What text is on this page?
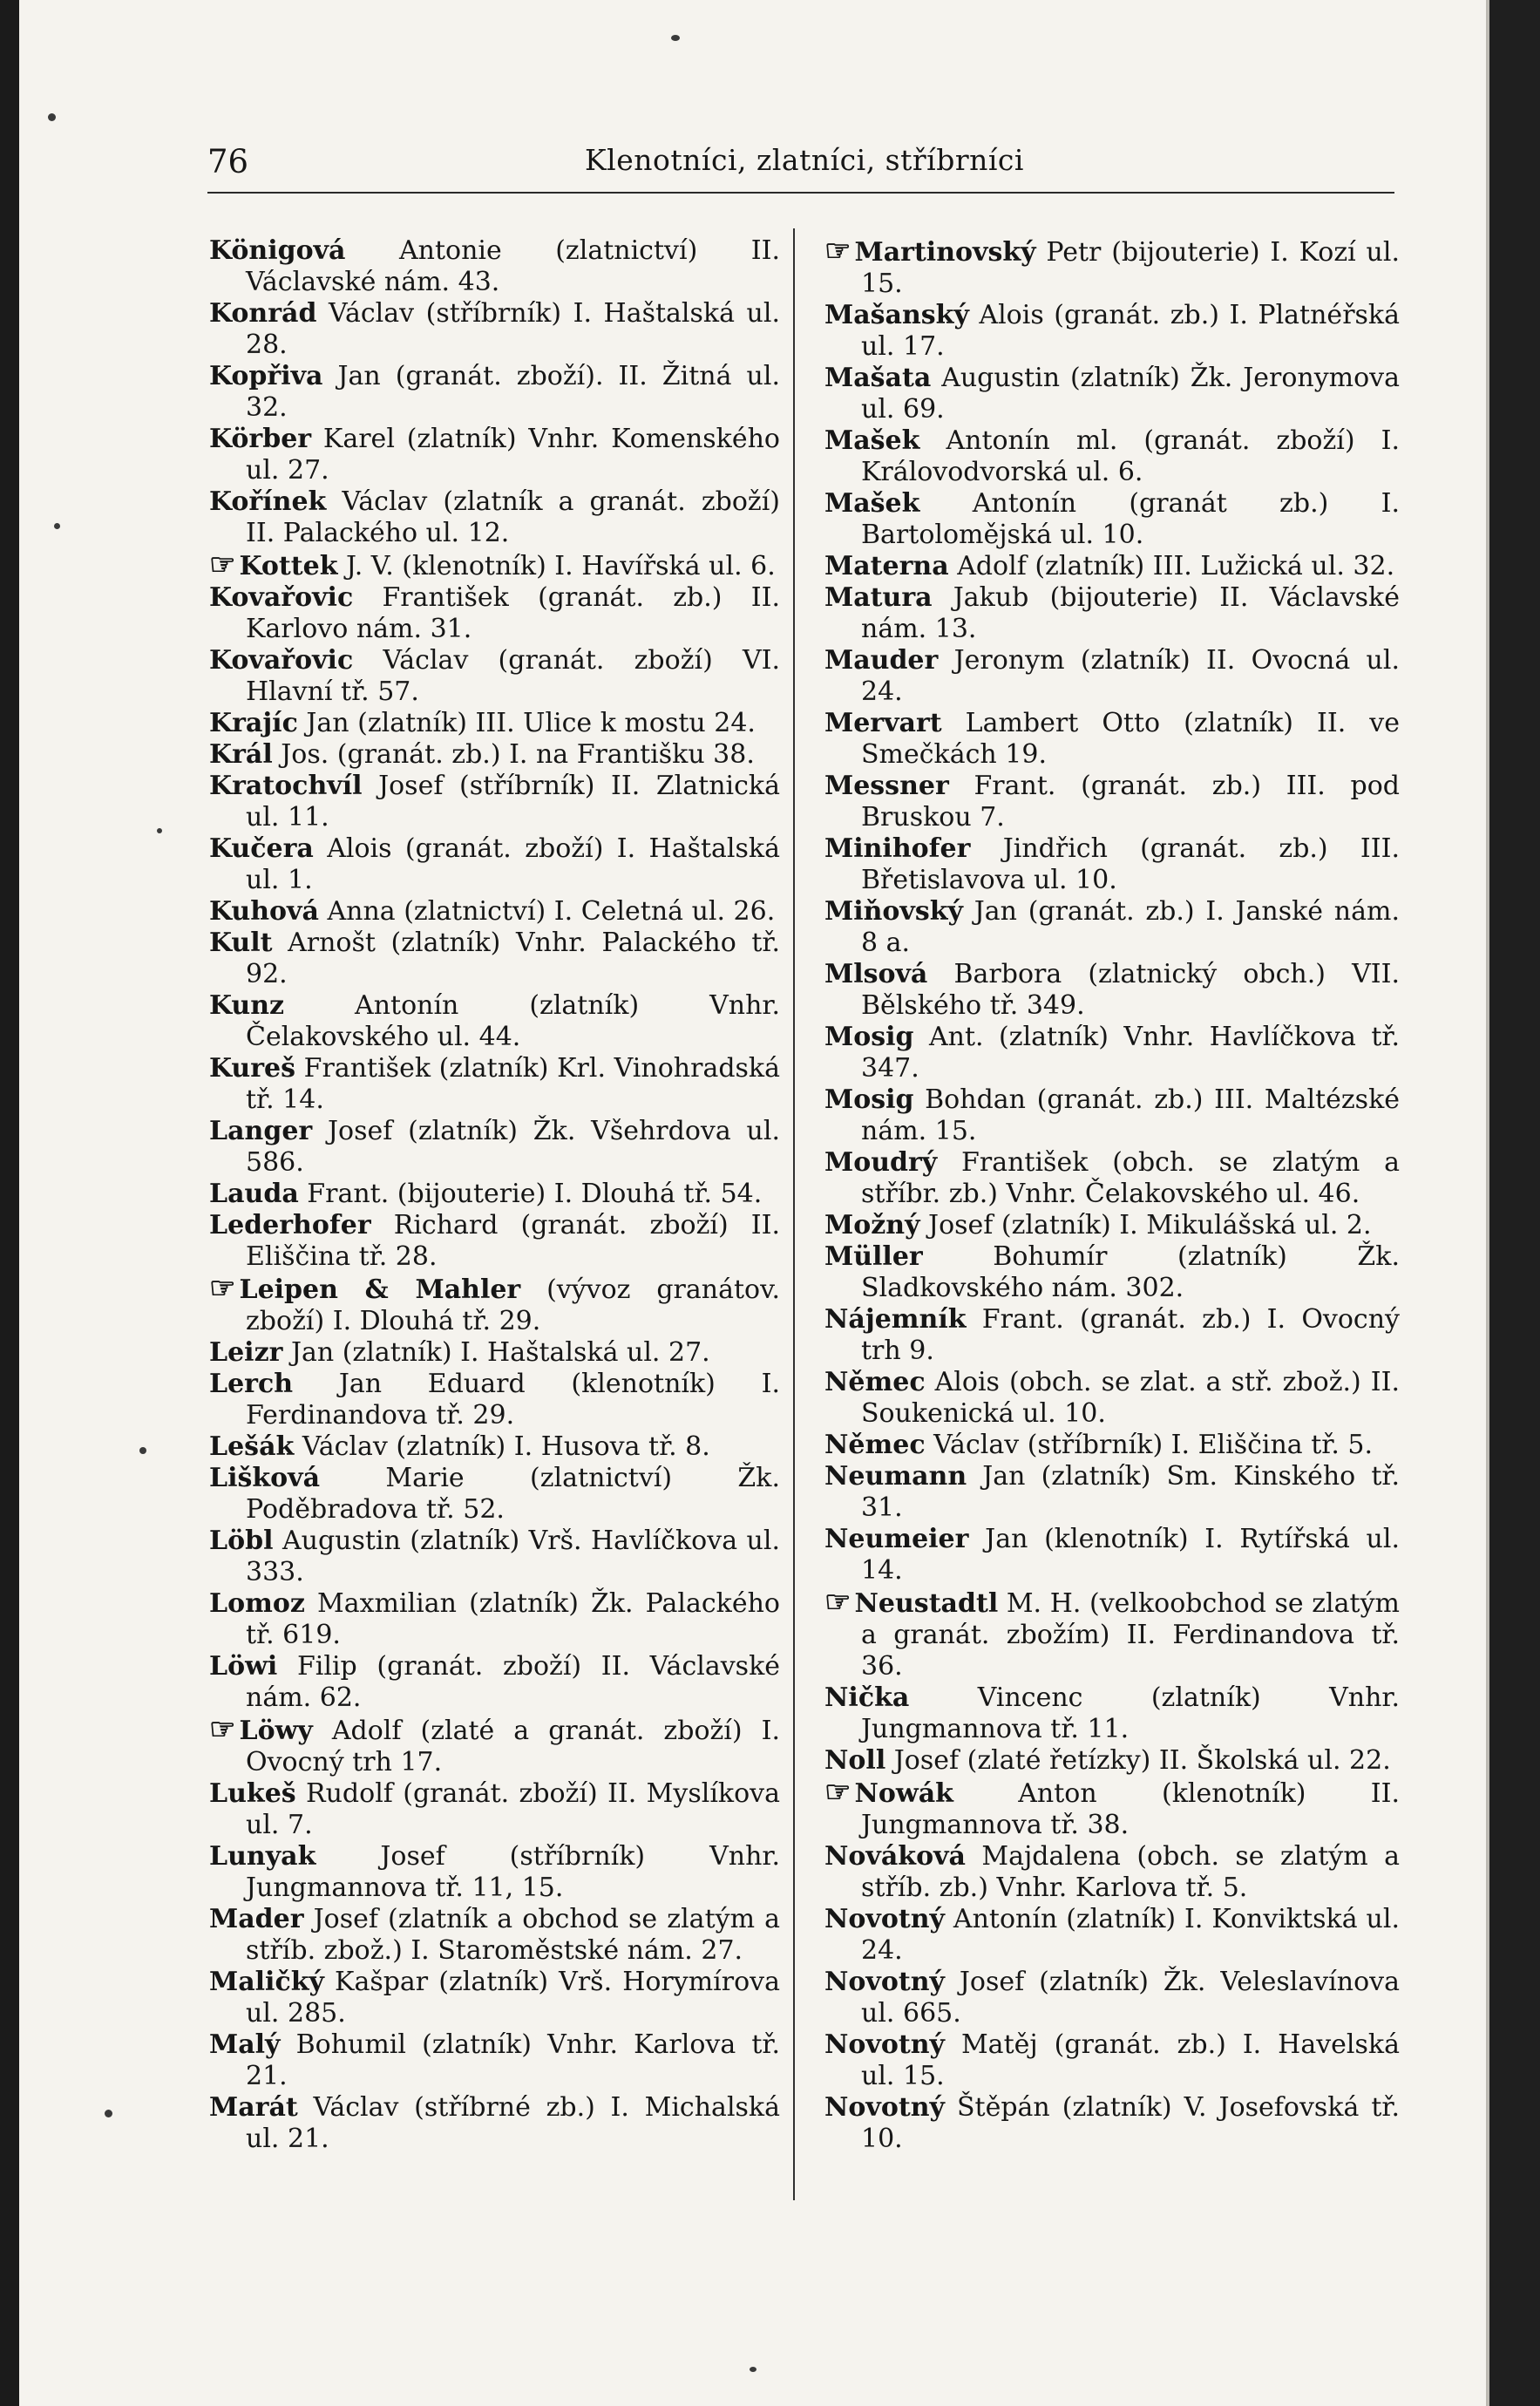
76	Klenotníci, zlatníci, stříbrníci
Königová Antonie (zlatnictví) II. Václavské nám. 43.
Konrád Václav (stříbrník) I. Haštalská ul. 28.
Kopřiva Jan (granát. zboží). II. Žitná ul. 32.
Körber Karel (zlatník) Vnhr. Komenského ul. 27.
Kořínek Václav (zlatník a granát. zboží) II. Palackého ul. 12.
☞ Kottek J. V. (klenotník) I. Havířská ul. 6.
Kovařovic František (granát. zb.) II. Karlovo nám. 31.
Kovařovic Václav (granát. zboží) VI. Hlavní tř. 57.
Krajíc Jan (zlatník) III. Ulice k mostu 24.
Král Jos. (granát. zb.) I. na Františku 38.
Kratochvíl Josef (stříbrník) II. Zlatnická ul. 11.
Kučera Alois (granát. zboží) I. Haštalská ul. 1.
Kuhová Anna (zlatnictví) I. Celetná ul. 26.
Kult Arnošt (zlatník) Vnhr. Palackého tř. 92.
Kunz Antonín (zlatník) Vnhr. Čelakovského ul. 44.
Kureš František (zlatník) Krl. Vinohradská tř. 14.
Langer Josef (zlatník) Žk. Všehrdova ul. 586.
Lauda Frant. (bijouterie) I. Dlouhá tř. 54.
Lederhofer Richard (granát. zboží) II. Eliščina tř. 28.
☞ Leipen & Mahler (vývoz granátov. zboží) I. Dlouhá tř. 29.
Leizr Jan (zlatník) I. Haštalská ul. 27.
Lerch Jan Eduard (klenotník) I. Ferdinandova tř. 29.
Lešák Václav (zlatník) I. Husova tř. 8.
Lišková Marie (zlatnictví) Žk. Poděbradova tř. 52.
Löbl Augustin (zlatník) Vrš. Havlíčkova ul. 333.
Lomoz Maxmilian (zlatník) Žk. Palackého tř. 619.
Löwi Filip (granát. zboží) II. Václavské nám. 62.
☞ Löwy Adolf (zlaté a granát. zboží) I. Ovocný trh 17.
Lukeš Rudolf (granát. zboží) II. Myslíkova ul. 7.
Lunyak Josef (stříbrník) Vnhr. Jungmannova tř. 11, 15.
Mader Josef (zlatník a obchod se zlatým a stříb. zbož.) I. Staroměstské nám. 27.
Maličký Kašpar (zlatník) Vrš. Horymírova ul. 285.
Malý Bohumil (zlatník) Vnhr. Karlova tř. 21.
Marát Václav (stříbrné zb.) I. Michalská ul. 21.
☞ Martinovský Petr (bijouterie) I. Kozí ul. 15.
Mašanský Alois (granát. zb.) I. Platnéřská ul. 17.
Mašata Augustin (zlatník) Žk. Jeronymova ul. 69.
Mašek Antonín ml. (granát. zboží) I. Královodvorská ul. 6.
Mašek Antonín (granát zb.) I. Bartolomějská ul. 10.
Materna Adolf (zlatník) III. Lužická ul. 32.
Matura Jakub (bijouterie) II. Václavské nám. 13.
Mauder Jeronym (zlatník) II. Ovocná ul. 24.
Mervart Lambert Otto (zlatník) II. ve Smečkách 19.
Messner Frant. (granát. zb.) III. pod Bruskou 7.
Minihofer Jindřich (granát. zb.) III. Břetislavova ul. 10.
Miňovský Jan (granát. zb.) I. Janské nám. 8 a.
Mlsová Barbora (zlatnický obch.) VII. Bělského tř. 349.
Mosig Ant. (zlatník) Vnhr. Havlíčkova tř. 347.
Mosig Bohdan (granát. zb.) III. Maltézské nám. 15.
Moudrý František (obch. se zlatým a stříbr. zb.) Vnhr. Čelakovského ul. 46.
Možný Josef (zlatník) I. Mikulášská ul. 2.
Müller Bohumír (zlatník) Žk. Sladkovského nám. 302.
Nájemník Frant. (granát. zb.) I. Ovocný trh 9.
Němec Alois (obch. se zlat. a stř. zbož.) II. Soukenická ul. 10.
Němec Václav (stříbrník) I. Eliščina tř. 5.
Neumann Jan (zlatník) Sm. Kinského tř. 31.
Neumeier Jan (klenotník) I. Rytířská ul. 14.
☞ Neustadtl M. H. (velkoobchod se zlatým a granát. zbožím) II. Ferdinandova tř. 36.
Nička Vincenc (zlatník) Vnhr. Jungmannova tř. 11.
Noll Josef (zlaté řetízky) II. Školská ul. 22.
☞ Nowák Anton (klenotník) II. Jungmannova tř. 38.
Nováková Majdalena (obch. se zlatým a stříb. zb.) Vnhr. Karlova tř. 5.
Novotný Antonín (zlatník) I. Konviktská ul. 24.
Novotný Josef (zlatník) Žk. Veleslavínova ul. 665.
Novotný Matěj (granát. zb.) I. Havelská ul. 15.
Novotný Štěpán (zlatník) V. Josefovská tř. 10.
